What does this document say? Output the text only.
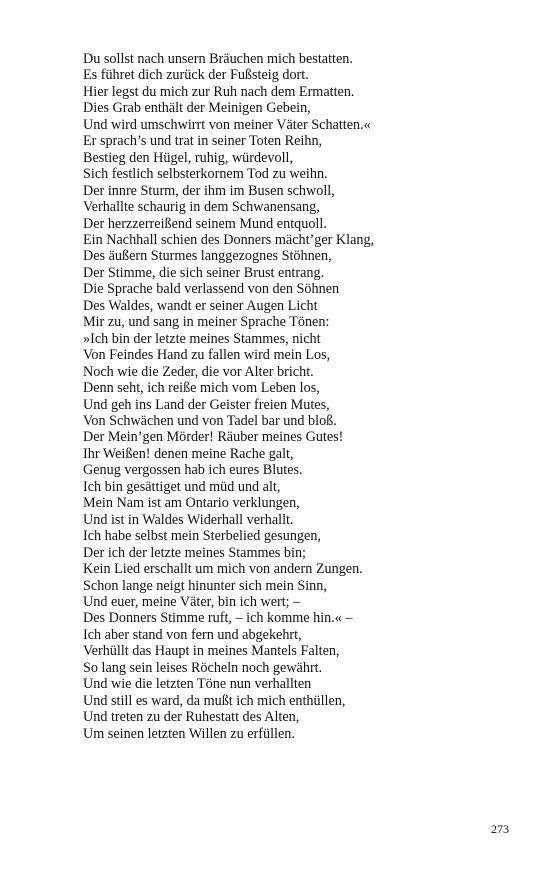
Du sollst nach unsern Bräuchen mich bestatten.
Es führet dich zurück der Fußsteig dort.
Hier legst du mich zur Ruh nach dem Ermatten.
Dies Grab enthält der Meinigen Gebein,
Und wird umschwirrt von meiner Väter Schatten.«
Er sprach’s und trat in seiner Toten Reihn,
Bestieg den Hügel, ruhig, würdevoll,
Sich festlich selbsterkornem Tod zu weihn.
Der innre Sturm, der ihm im Busen schwoll,
Verhallte schaurig in dem Schwanensang,
Der herzzerreißend seinem Mund entquoll.
Ein Nachhall schien des Donners mächt’ger Klang,
Des äußern Sturmes langgezognes Stöhnen,
Der Stimme, die sich seiner Brust entrang.
Die Sprache bald verlassend von den Söhnen
Des Waldes, wandt er seiner Augen Licht
Mir zu, und sang in meiner Sprache Tönen:
»Ich bin der letzte meines Stammes, nicht
Von Feindes Hand zu fallen wird mein Los,
Noch wie die Zeder, die vor Alter bricht.
Denn seht, ich reiße mich vom Leben los,
Und geh ins Land der Geister freien Mutes,
Von Schwächen und von Tadel bar und bloß.
Der Mein’gen Mörder! Räuber meines Gutes!
Ihr Weißen! denen meine Rache galt,
Genug vergossen hab ich eures Blutes.
Ich bin gesättiget und müd und alt,
Mein Nam ist am Ontario verklungen,
Und ist in Waldes Widerhall verhallt.
Ich habe selbst mein Sterbelied gesungen,
Der ich der letzte meines Stammes bin;
Kein Lied erschallt um mich von andern Zungen.
Schon lange neigt hinunter sich mein Sinn,
Und euer, meine Väter, bin ich wert; –
Des Donners Stimme ruft, – ich komme hin.« –
Ich aber stand von fern und abgekehrt,
Verhüllt das Haupt in meines Mantels Falten,
So lang sein leises Röcheln noch gewährt.
Und wie die letzten Töne nun verhallten
Und still es ward, da mußt ich mich enthüllen,
Und treten zu der Ruhestatt des Alten,
Um seinen letzten Willen zu erfüllen.
273
